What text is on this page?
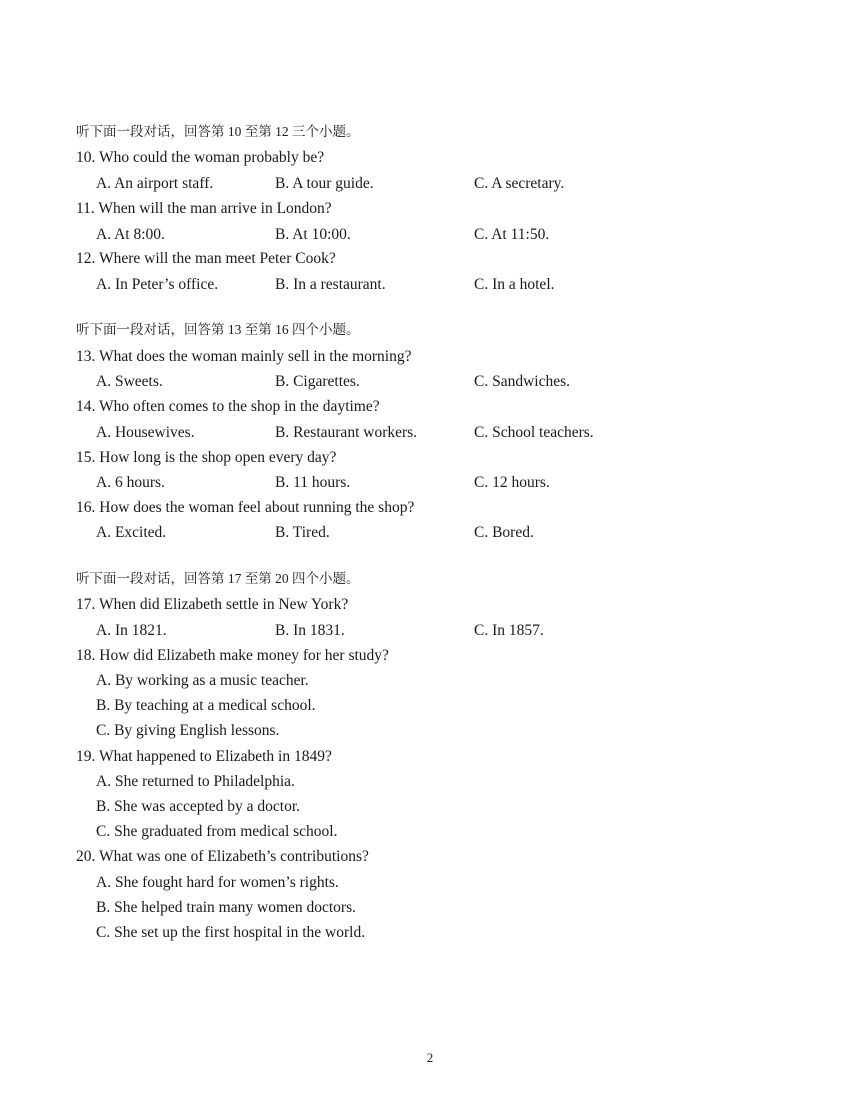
听下面一段对话，回答第 10 至第 12 三个小题。
10. Who could the woman probably be?
A. An airport staff.	B. A tour guide.	C. A secretary.
11. When will the man arrive in London?
A. At 8:00.	B. At 10:00.	C. At 11:50.
12. Where will the man meet Peter Cook?
A. In Peter’s office.	B. In a restaurant.	C. In a hotel.
听下面一段对话，回答第 13 至第 16 四个小题。
13. What does the woman mainly sell in the morning?
A. Sweets.	B. Cigarettes.	C. Sandwiches.
14. Who often comes to the shop in the daytime?
A. Housewives.	B. Restaurant workers.	C. School teachers.
15. How long is the shop open every day?
A. 6 hours.	B. 11 hours.	C. 12 hours.
16. How does the woman feel about running the shop?
A. Excited.	B. Tired.	C. Bored.
听下面一段对话，回答第 17 至第 20 四个小题。
17. When did Elizabeth settle in New York?
A. In 1821.	B. In 1831.	C. In 1857.
18. How did Elizabeth make money for her study?
A. By working as a music teacher.
B. By teaching at a medical school.
C. By giving English lessons.
19. What happened to Elizabeth in 1849?
A. She returned to Philadelphia.
B. She was accepted by a doctor.
C. She graduated from medical school.
20. What was one of Elizabeth’s contributions?
A. She fought hard for women’s rights.
B. She helped train many women doctors.
C. She set up the first hospital in the world.
2
